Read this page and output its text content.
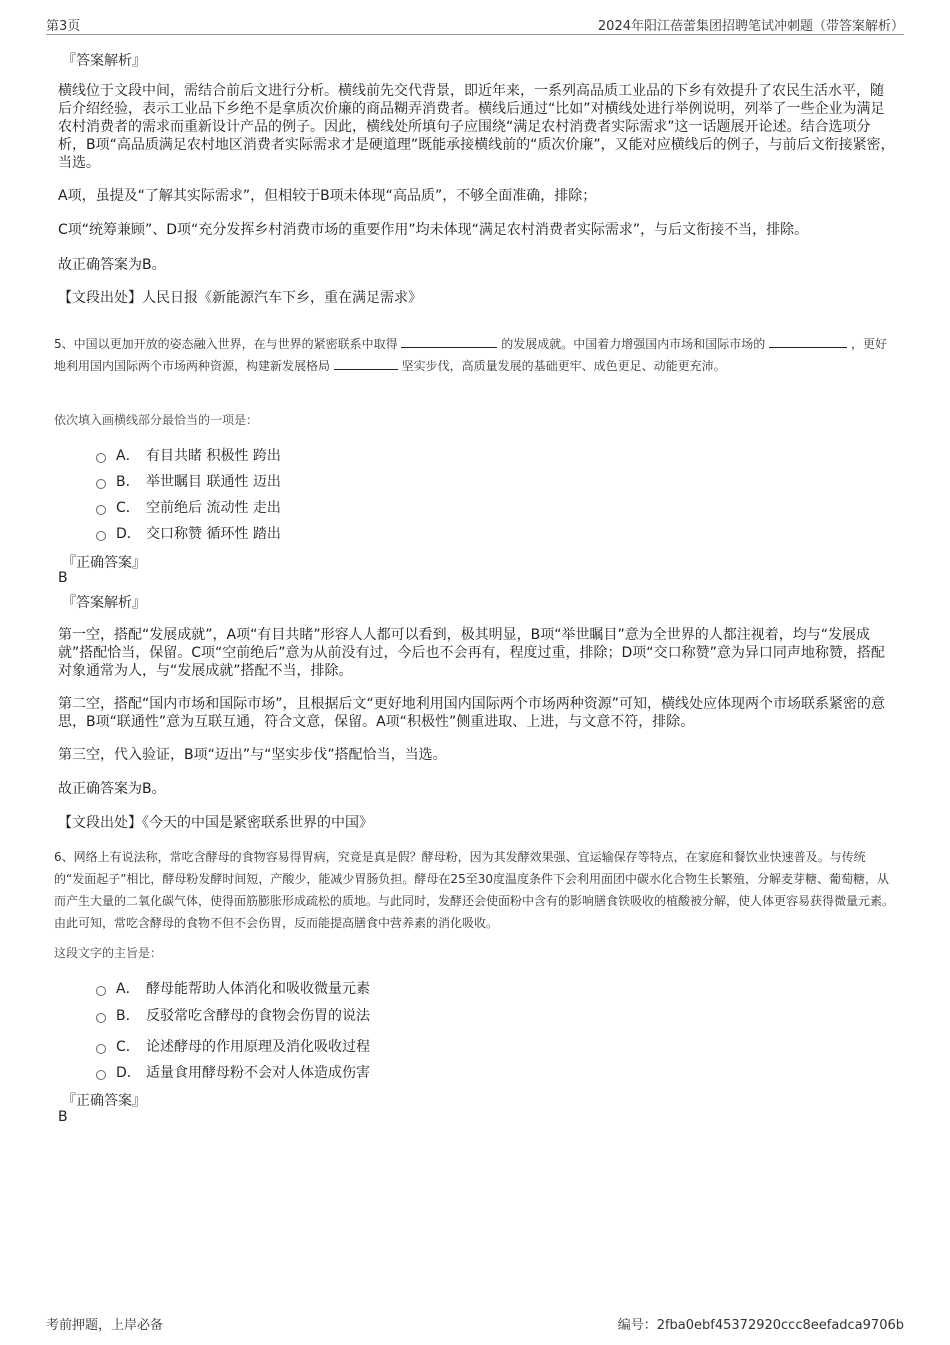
第3页	2024年阳江蓓蕾集团招聘笔试冲刺题（带答案解析）
『答案解析』
横线位于文段中间，需结合前后文进行分析。横线前先交代背景，即近年来，一系列高品质工业品的下乡有效提升了农民生活水平，随后介绍经验，表示工业品下乡绝不是拿质次价廉的商品糊弄消费者。横线后通过“比如”对横线处进行举例说明，列举了一些企业为满足农村消费者的需求而重新设计产品的例子。因此，横线处所填句子应围绕“满足农村消费者实际需求”这一话题展开论述。结合选项分析，B项“高品质满足农村地区消费者实际需求才是硬道理”既能承接横线前的“质次价廉”，又能对应横线后的例子，与前后文衔接紧密，当选。
A项，虽提及“了解其实际需求”，但相较于B项未体现“高品质”，不够全面准确，排除；
C项“统筹兼顾”、D项“充分发挥乡村消费市场的重要作用”均未体现“满足农村消费者实际需求”，与后文衔接不当，排除。
故正确答案为B。
【文段出处】人民日报《新能源汽车下乡，重在满足需求》
5、中国以更加开放的姿态融入世界，在与世界的紧密联系中取得	的发展成就。中国着力增强国内市场和国际市场的	，更好地利用国内国际两个市场两种资源，构建新发展格局	坚实步伐，高质量发展的基础更牢、成色更足、动能更充沛。
依次填入画横线部分最恰当的一项是：
A． 有目共睹 积极性 跨出
B． 举世瞩目 联通性 迈出
C． 空前绝后 流动性 走出
D． 交口称赞 循环性 踏出
『正确答案』
B
『答案解析』
第一空，搭配“发展成就”，A项“有目共睹”形容人人都可以看到，极其明显，B项“举世瞩目”意为全世界的人都注视着，均与“发展成就”搭配恰当，保留。C项“空前绝后”意为从前没有过，今后也不会再有，程度过重，排除；D项“交口称赞”意为异口同声地称赞，搭配对象通常为人，与“发展成就”搭配不当，排除。
第二空，搭配“国内市场和国际市场”，且根据后文“更好地利用国内国际两个市场两种资源”可知，横线处应体现两个市场联系紧密的意思，B项“联通性”意为互联互通，符合文意，保留。A项“积极性”侧重进取、上进，与文意不符，排除。
第三空，代入验证，B项“迈出”与“坚实步伐”搭配恰当，当选。
故正确答案为B。
【文段出处】《今天的中国是紧密联系世界的中国》
6、网络上有说法称，常吃含酵母的食物容易得胃病，究竟是真是假？酵母粉，因为其发酵效果强、宜运输保存等特点，在家庭和餐饮业快速普及。与传统的“发面起子”相比，酵母粉发酵时间短，产酸少，能减少胃肠负担。酵母在25至30度温度条件下会利用面团中碳水化合物生长繁殖，分解麦芽糖、葡萄糖，从而产生大量的二氧化碳气体，使得面筋膨胀形成疏松的质地。与此同时，发酵还会使面粉中含有的影响膳食铁吸收的植酸被分解，使人体更容易获得微量元素。由此可知，常吃含酵母的食物不但不会伤胃，反而能提高膳食中营养素的消化吸收。
这段文字的主旨是：
A． 酵母能帮助人体消化和吸收微量元素
B． 反驳常吃含酵母的食物会伤胃的说法
C． 论述酵母的作用原理及消化吸收过程
D． 适量食用酵母粉不会对人体造成伤害
『正确答案』
B
考前押题，上岸必备	编号：2fba0ebf45372920ccc8eefadca9706b
